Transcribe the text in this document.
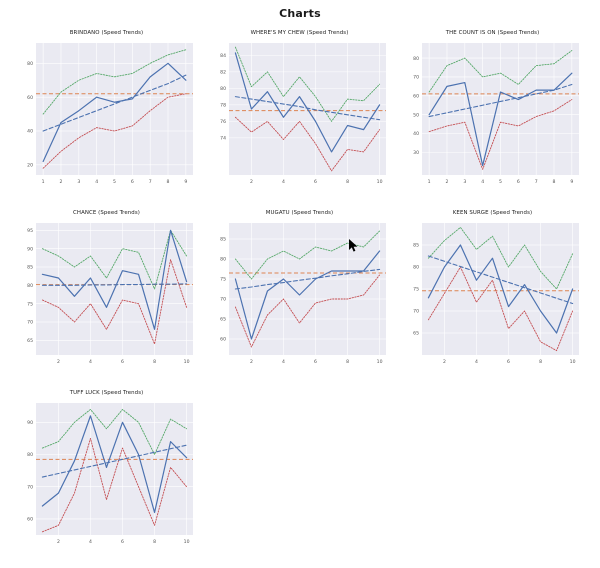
Charts
BRINDANO (Speed Trends)
1	2	3	4	5	6	7	8	9
20
40
60
80
WHERE'S MY CHEW (Speed Trends)
2	4	6	8	10
74
76
78
80
82
84
THE COUNT IS ON (Speed Trends)
1	2	3	4	5	6	7	8	9
30
40
50
60
70
80
CHANCE (Speed Trends)
2	4	6	8	10
65
70
75
80
85
90
95
MUGATU (Speed Trends)
2	4	6	8	10
60
65
70
75
80
85
KEEN SURGE (Speed Trends)
2	4	6	8	10
65
70
75
80
85
TUFF LUCK (Speed Trends)
2	4	6	8	10
60
70
80
90
